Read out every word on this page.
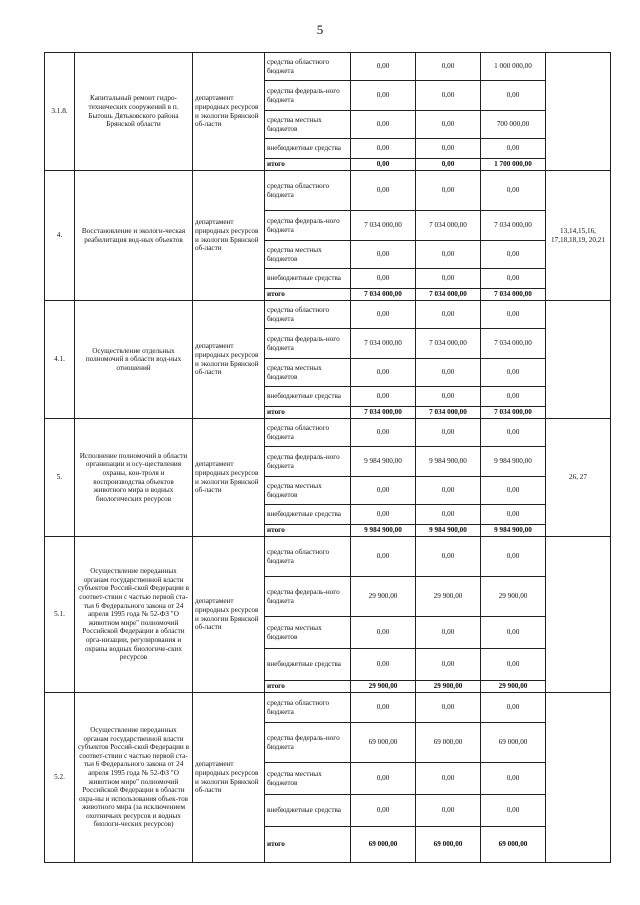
5
3.1.8.	Капитальный ремонт гидро-технических сооружений в п. Бытошь Дятьковского района Брянской области	департамент природных ресурсов и экологии Брянской об-ласти	средства областного бюджета	0,00	0,00	1 000 000,00	
			средства федераль-ного бюджета	0,00	0,00	0,00	
			средства местных бюджетов	0,00	0,00	700 000,00	
			внебюджетные средства	0,00	0,00	0,00	
			итого	0,00	0,00	1 700 000,00	
4.	Восстановление и экологи-ческая реабилитация вод-ных объектов	департамент природных ресурсов и экологии Брянской об-ласти	средства областного бюджета	0,00	0,00	0,00	13,14,15,16, 17,18,18,19, 20,21
			средства федераль-ного бюджета	7 034 000,00	7 034 000,00	7 034 000,00	
			средства местных бюджетов	0,00	0,00	0,00	
			внебюджетные средства	0,00	0,00	0,00	
			итого	7 034 000,00	7 034 000,00	7 034 000,00	
4.1.	Осуществление отдельных полномочий в области вод-ных отношений	департамент природных ресурсов и экологии Брянской об-ласти	средства областного бюджета	0,00	0,00	0,00	
			средства федераль-ного бюджета	7 034 000,00	7 034 000,00	7 034 000,00	
			средства местных бюджетов	0,00	0,00	0,00	
			внебюджетные средства	0,00	0,00	0,00	
			итого	7 034 000,00	7 034 000,00	7 034 000,00	
5.	Исполнение полномочий в области организации и осу-ществления охраны, кон-троля и воспроизводства объектов животного мира и водных биологических ресурсов	департамент природных ресурсов и экологии Брянской об-ласти	средства областного бюджета	0,00	0,00	0,00	26, 27
			средства федераль-ного бюджета	9 984 900,00	9 984 900,00	9 984 900,00	
			средства местных бюджетов	0,00	0,00	0,00	
			внебюджетные средства	0,00	0,00	0,00	
			итого	9 984 900,00	9 984 900,00	9 984 900,00	
5.1.	Осуществление переданных органам государственной власти субъектов Россий-ской Федерации в соответ-ствии с частью первой ста-тьи 6 Федерального закона от 24 апреля 1995 года № 52-ФЗ "О животном мире" полномочий Российской Федерации в области орга-низации, регулирования и охраны водных биологиче-ских ресурсов	департамент природных ресурсов и экологии Брянской об-ласти	средства областного бюджета	0,00	0,00	0,00	
			средства федераль-ного бюджета	29 900,00	29 900,00	29 900,00	
			средства местных бюджетов	0,00	0,00	0,00	
			внебюджетные средства	0,00	0,00	0,00	
			итого	29 900,00	29 900,00	29 900,00	
5.2.	Осуществление переданных органам государственной власти субъектов Россий-ской Федерации в соответ-ствии с частью первой ста-тьи 6 Федерального закона от 24 апреля 1995 года № 52-ФЗ "О животном мире" полномочий Российской Федерации в области охра-ны и использования объек-тов животного мира (за исключением охотничьих ресурсов и водных биологи-ческих ресурсов)	департамент природных ресурсов и экологии Брянской об-ласти	средства областного бюджета	0,00	0,00	0,00	
			средства федераль-ного бюджета	69 000,00	69 000,00	69 000,00	
			средства местных бюджетов	0,00	0,00	0,00	
			внебюджетные средства	0,00	0,00	0,00	
			итого	69 000,00	69 000,00	69 000,00	
